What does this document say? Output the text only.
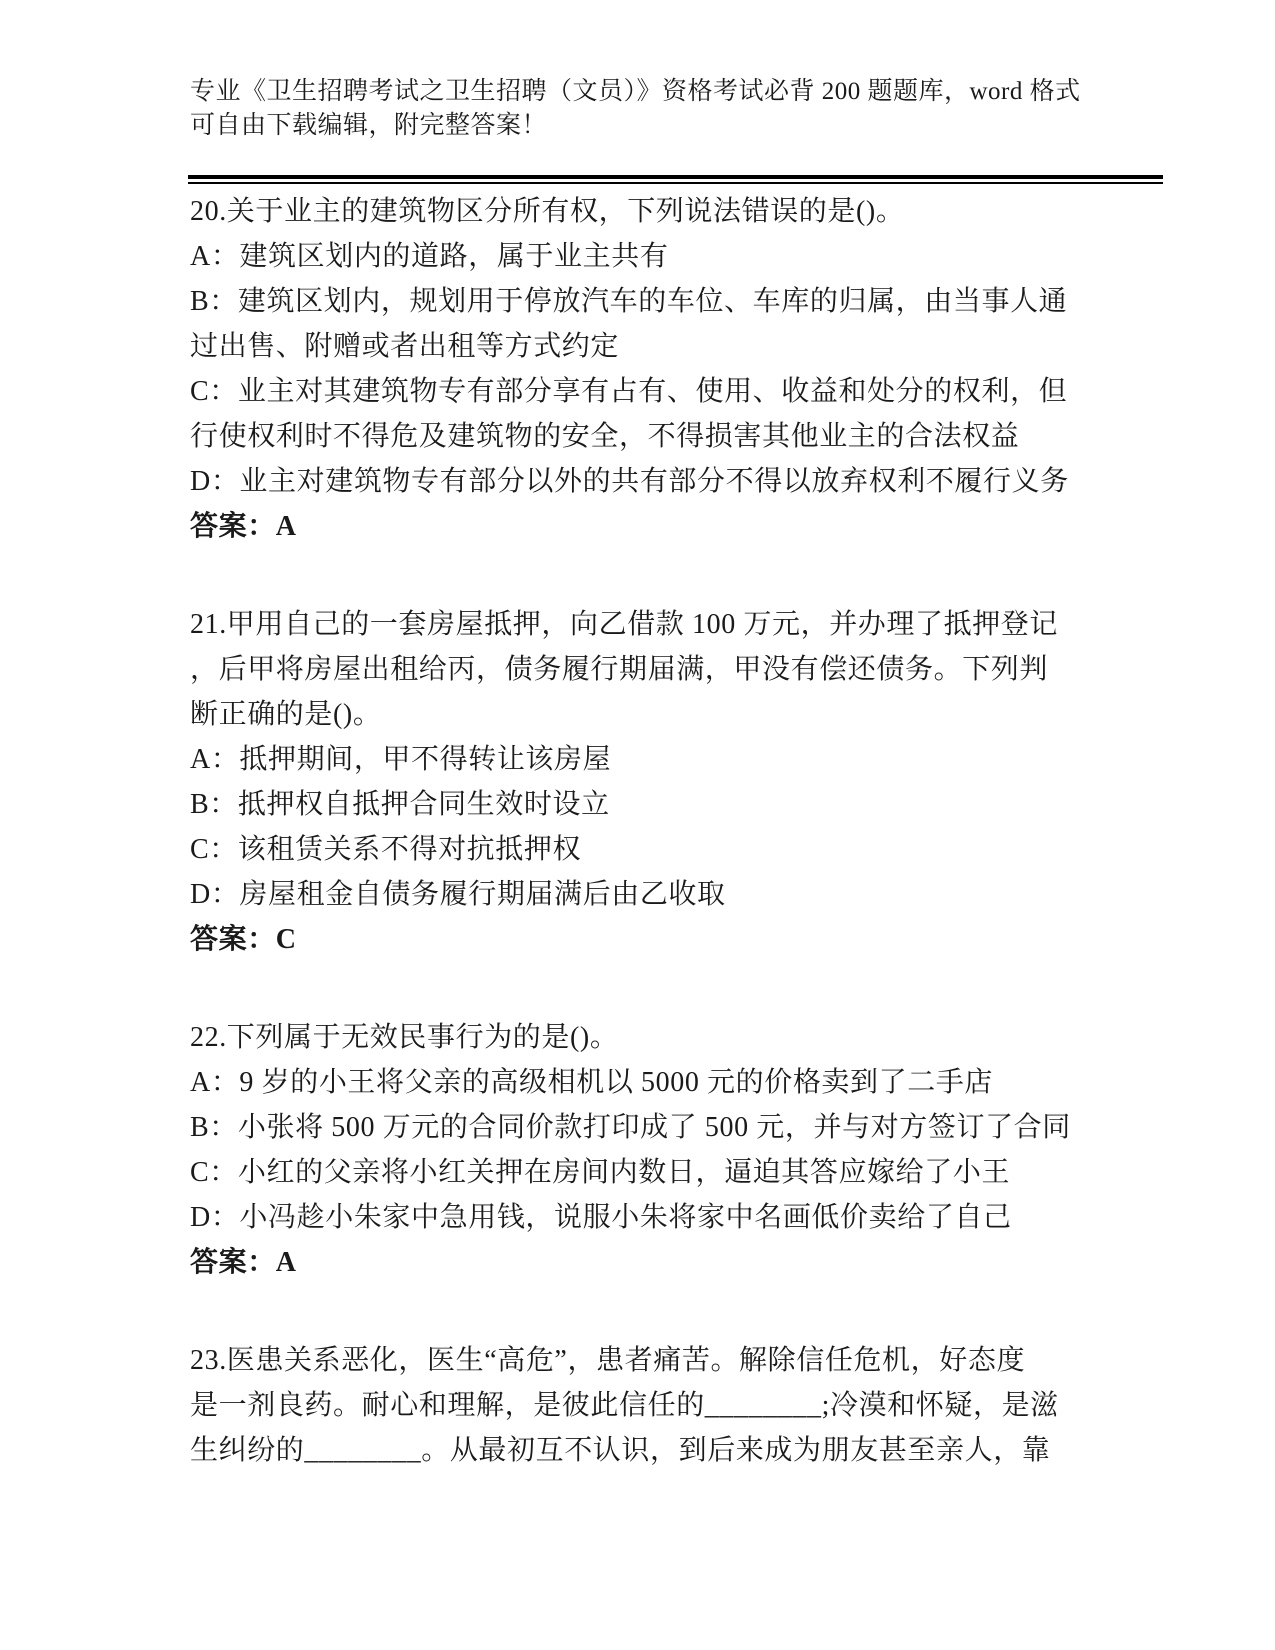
专业《卫生招聘考试之卫生招聘（文员）》资格考试必背 200 题题库，word 格式
可自由下载编辑，附完整答案！
20.关于业主的建筑物区分所有权，下列说法错误的是()。
A：建筑区划内的道路，属于业主共有
B：建筑区划内，规划用于停放汽车的车位、车库的归属，由当事人通
过出售、附赠或者出租等方式约定
C：业主对其建筑物专有部分享有占有、使用、收益和处分的权利，但
行使权利时不得危及建筑物的安全，不得损害其他业主的合法权益
D：业主对建筑物专有部分以外的共有部分不得以放弃权利不履行义务
答案：A
21.甲用自己的一套房屋抵押，向乙借款 100 万元，并办理了抵押登记
，后甲将房屋出租给丙，债务履行期届满，甲没有偿还债务。下列判
断正确的是()。
A：抵押期间，甲不得转让该房屋
B：抵押权自抵押合同生效时设立
C：该租赁关系不得对抗抵押权
D：房屋租金自债务履行期届满后由乙收取
答案：C
22.下列属于无效民事行为的是()。
A：9 岁的小王将父亲的高级相机以 5000 元的价格卖到了二手店
B：小张将 500 万元的合同价款打印成了 500 元，并与对方签订了合同
C：小红的父亲将小红关押在房间内数日，逼迫其答应嫁给了小王
D：小冯趁小朱家中急用钱，说服小朱将家中名画低价卖给了自己
答案：A
23.医患关系恶化，医生“高危”，患者痛苦。解除信任危机，好态度
是一剂良药。耐心和理解，是彼此信任的________;冷漠和怀疑，是滋
生纠纷的________。从最初互不认识，到后来成为朋友甚至亲人，靠
